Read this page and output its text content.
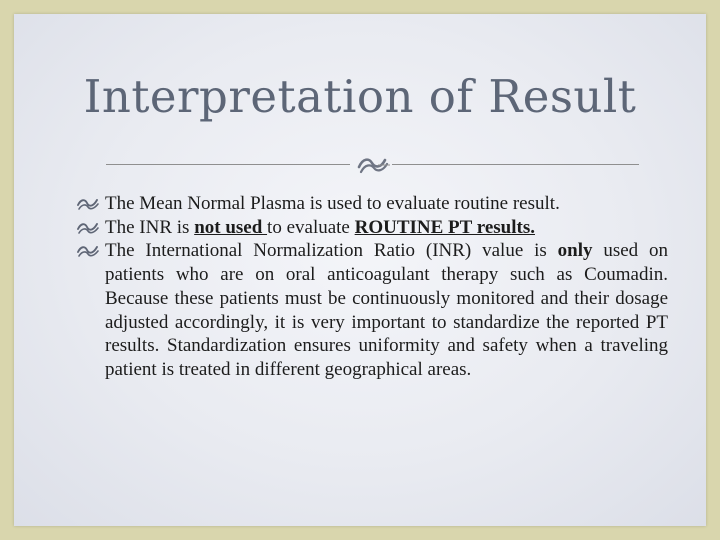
Interpretation of Result
The Mean Normal Plasma is used to evaluate routine result.
The INR is not used to evaluate ROUTINE PT results.
The International Normalization Ratio (INR) value is only used on patients who are on oral anticoagulant therapy such as Coumadin. Because these patients must be continuously monitored and their dosage adjusted accordingly, it is very important to standardize the reported PT results. Standardization ensures uniformity and safety when a traveling patient is treated in different geographical areas.
